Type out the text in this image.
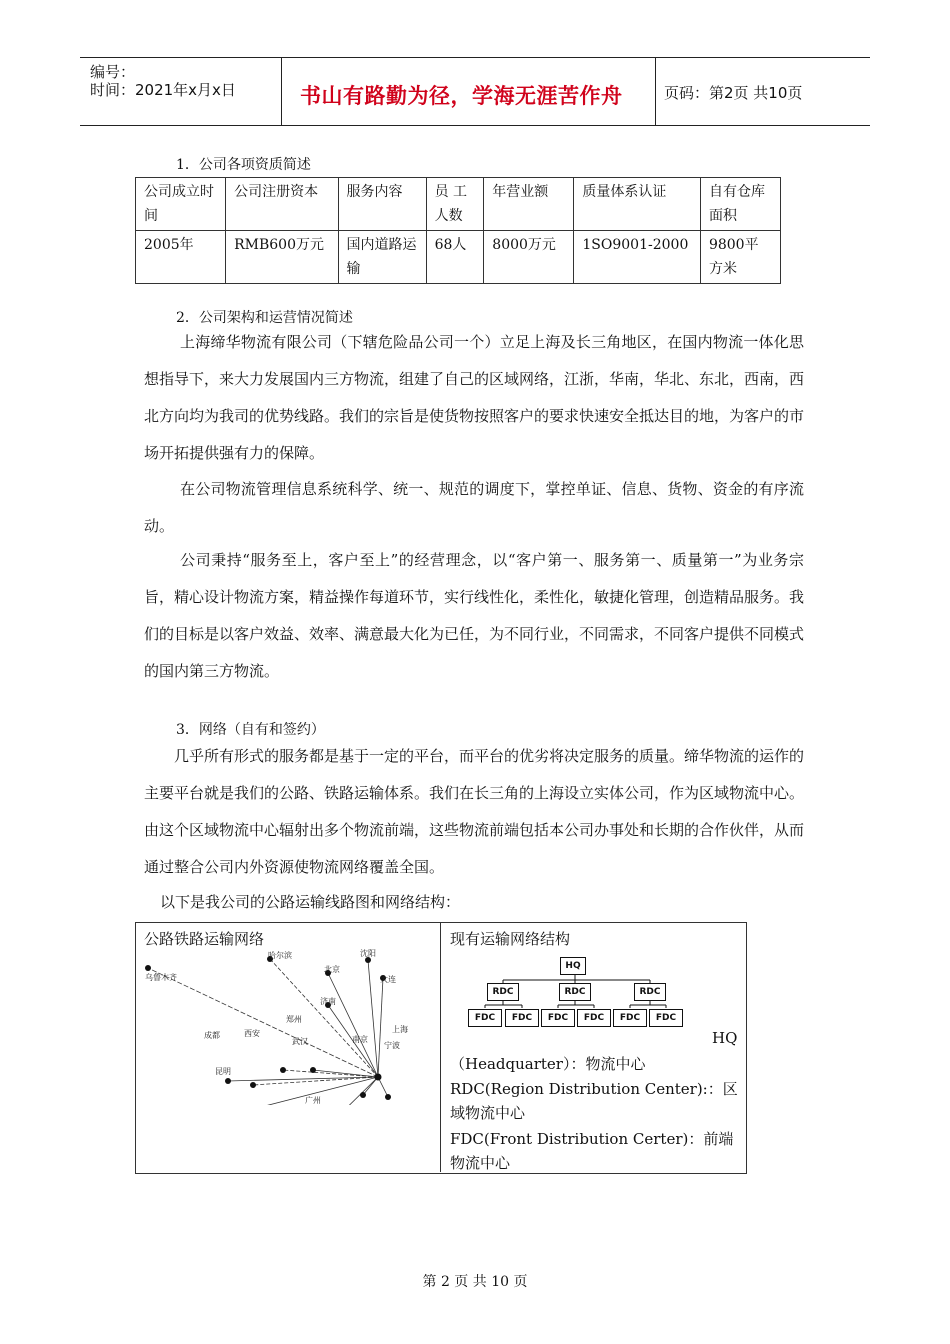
编号：
时间：2021年x月x日	书山有路勤为径，学海无涯苦作舟	页码：第2页 共10页
1．公司各项资质简述
公司成立时间	公司注册资本	服务内容	员 工人数	年营业额	质量体系认证	自有仓库面积
2005年	RMB600万元	国内道路运输	68人	8000万元	1SO9001-2000	9800平方米
2．公司架构和运营情况简述
上海缔华物流有限公司（下辖危险品公司一个）立足上海及长三角地区，在国内物流一体化思想指导下，来大力发展国内三方物流，组建了自己的区域网络，江浙，华南，华北、东北，西南，西北方向均为我司的优势线路。我们的宗旨是使货物按照客户的要求快速安全抵达目的地，为客户的市场开拓提供强有力的保障。
在公司物流管理信息系统科学、统一、规范的调度下，掌控单证、信息、货物、资金的有序流动。
公司秉持“服务至上，客户至上”的经营理念，以“客户第一、服务第一、质量第一”为业务宗旨，精心设计物流方案，精益操作每道环节，实行线性化，柔性化，敏捷化管理，创造精品服务。我们的目标是以客户效益、效率、满意最大化为已任，为不同行业，不同需求，不同客户提供不同模式的国内第三方物流。
3．网络（自有和签约）
几乎所有形式的服务都是基于一定的平台，而平台的优劣将决定服务的质量。缔华物流的运作的主要平台就是我们的公路、铁路运输体系。我们在长三角的上海设立实体公司，作为区域物流中心。由这个区域物流中心辐射出多个物流前端，这些物流前端包括本公司办事处和长期的合作伙伴，从而通过整合公司内外资源使物流网络覆盖全国。
以下是我公司的公路运输线路图和网络结构：
公路铁路运输网络	现有运输网络结构
乌鲁木齐
哈尔滨	沈阳
北京
大连
济南
郑州
西安
成都
武汉
昆明
广州
南京
上海
宁波
HQ
RDC	RDC	RDC
FDC	FDC	FDC	FDC	FDC	FDC
HQ
（Headquarter）：物流中心
RDC(Region Distribution Center):：区域物流中心
FDC(Front Distribution Certer)：前端物流中心
第 2 页 共 10 页
